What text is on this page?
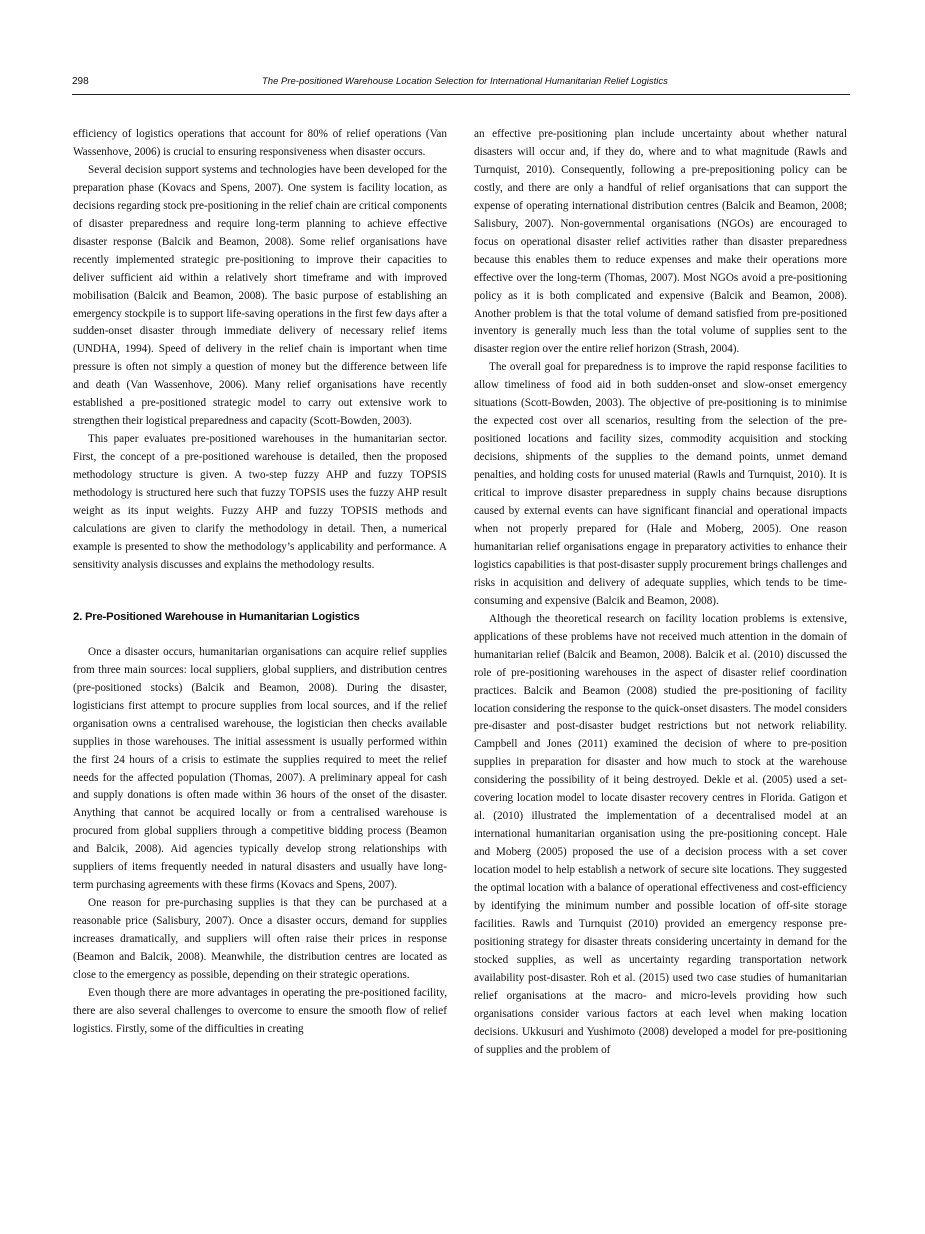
298	The Pre-positioned Warehouse Location Selection for International Humanitarian Relief Logistics

efficiency of logistics operations that account for 80% of relief operations (Van Wassenhove, 2006) is crucial to ensuring responsiveness when disaster occurs.

Several decision support systems and technologies have been developed for the preparation phase (Kovacs and Spens, 2007). One system is facility location, as decisions regarding stock pre-positioning in the relief chain are critical components of disaster preparedness and require long-term planning to achieve effective disaster response (Balcik and Beamon, 2008). Some relief organisations have recently implemented strategic pre-positioning to improve their capacities to deliver sufficient aid within a relatively short timeframe and with improved mobilisation (Balcik and Beamon, 2008). The basic purpose of establishing an emergency stockpile is to support life-saving operations in the first few days after a sudden-onset disaster through immediate delivery of necessary relief items (UNDHA, 1994). Speed of delivery in the relief chain is important when time pressure is often not simply a question of money but the difference between life and death (Van Wassenhove, 2006). Many relief organisations have recently established a pre-positioned strategic model to carry out extensive work to strengthen their logistical preparedness and capacity (Scott-Bowden, 2003).

This paper evaluates pre-positioned warehouses in the humanitarian sector. First, the concept of a pre-positioned warehouse is detailed, then the proposed methodology structure is given. A two-step fuzzy AHP and fuzzy TOPSIS methodology is structured here such that fuzzy TOPSIS uses the fuzzy AHP result weight as its input weights. Fuzzy AHP and fuzzy TOPSIS methods and calculations are given to clarify the methodology in detail. Then, a numerical example is presented to show the methodology’s applicability and performance. A sensitivity analysis discusses and explains the methodology results.

2. Pre-Positioned Warehouse in Humanitarian Logistics

Once a disaster occurs, humanitarian organisations can acquire relief supplies from three main sources: local suppliers, global suppliers, and distribution centres (pre-positioned stocks) (Balcik and Beamon, 2008). During the disaster, logisticians first attempt to procure supplies from local sources, and if the relief organisation owns a centralised warehouse, the logistician then checks available supplies in those warehouses. The initial assessment is usually performed within the first 24 hours of a crisis to estimate the supplies required to meet the relief needs for the affected population (Thomas, 2007). A preliminary appeal for cash and supply donations is often made within 36 hours of the onset of the disaster. Anything that cannot be acquired locally or from a centralised warehouse is procured from global suppliers through a competitive bidding process (Beamon and Balcik, 2008). Aid agencies typically develop strong relationships with suppliers of items frequently needed in natural disasters and usually have long-term purchasing agreements with these firms (Kovacs and Spens, 2007).

One reason for pre-purchasing supplies is that they can be purchased at a reasonable price (Salisbury, 2007). Once a disaster occurs, demand for supplies increases dramatically, and suppliers will often raise their prices in response (Beamon and Balcik, 2008). Meanwhile, the distribution centres are located as close to the emergency as possible, depending on their strategic operations.

Even though there are more advantages in operating the pre-positioned facility, there are also several challenges to overcome to ensure the smooth flow of relief logistics. Firstly, some of the difficulties in creating

an effective pre-positioning plan include uncertainty about whether natural disasters will occur and, if they do, where and to what magnitude (Rawls and Turnquist, 2010). Consequently, following a pre-prepositioning policy can be costly, and there are only a handful of relief organisations that can support the expense of operating international distribution centres (Balcik and Beamon, 2008; Salisbury, 2007). Non-governmental organisations (NGOs) are encouraged to focus on operational disaster relief activities rather than disaster preparedness because this enables them to reduce expenses and make their operations more effective over the long-term (Thomas, 2007). Most NGOs avoid a pre-positioning policy as it is both complicated and expensive (Balcik and Beamon, 2008). Another problem is that the total volume of demand satisfied from pre-positioned inventory is generally much less than the total volume of supplies sent to the disaster region over the entire relief horizon (Strash, 2004).

The overall goal for preparedness is to improve the rapid response facilities to allow timeliness of food aid in both sudden-onset and slow-onset emergency situations (Scott-Bowden, 2003). The objective of pre-positioning is to minimise the expected cost over all scenarios, resulting from the selection of the pre-positioned locations and facility sizes, commodity acquisition and stocking decisions, shipments of the supplies to the demand points, unmet demand penalties, and holding costs for unused material (Rawls and Turnquist, 2010). It is critical to improve disaster preparedness in supply chains because disruptions caused by external events can have significant financial and operational impacts when not properly prepared for (Hale and Moberg, 2005). One reason humanitarian relief organisations engage in preparatory activities to enhance their logistics capabilities is that post-disaster supply procurement brings challenges and risks in acquisition and delivery of adequate supplies, which tends to be time-consuming and expensive (Balcik and Beamon, 2008).

Although the theoretical research on facility location problems is extensive, applications of these problems have not received much attention in the domain of humanitarian relief (Balcik and Beamon, 2008). Balcik et al. (2010) discussed the role of pre-positioning warehouses in the aspect of disaster relief coordination practices. Balcik and Beamon (2008) studied the pre-positioning of facility location considering the response to the quick-onset disasters. The model considers pre-disaster and post-disaster budget restrictions but not network reliability. Campbell and Jones (2011) examined the decision of where to pre-position supplies in preparation for disaster and how much to stock at the warehouse considering the possibility of it being destroyed. Dekle et al. (2005) used a set-covering location model to locate disaster recovery centres in Florida. Gatigon et al. (2010) illustrated the implementation of a decentralised model at an international humanitarian organisation using the pre-positioning concept. Hale and Moberg (2005) proposed the use of a decision process with a set cover location model to help establish a network of secure site locations. They suggested the optimal location with a balance of operational effectiveness and cost-efficiency by identifying the minimum number and possible location of off-site storage facilities. Rawls and Turnquist (2010) provided an emergency response pre-positioning strategy for disaster threats considering uncertainty in demand for the stocked supplies, as well as uncertainty regarding transportation network availability post-disaster. Roh et al. (2015) used two case studies of humanitarian relief organisations at the macro- and micro-levels providing how such organisations consider various factors at each level when making location decisions. Ukkusuri and Yushimoto (2008) developed a model for pre-positioning of supplies and the problem of
